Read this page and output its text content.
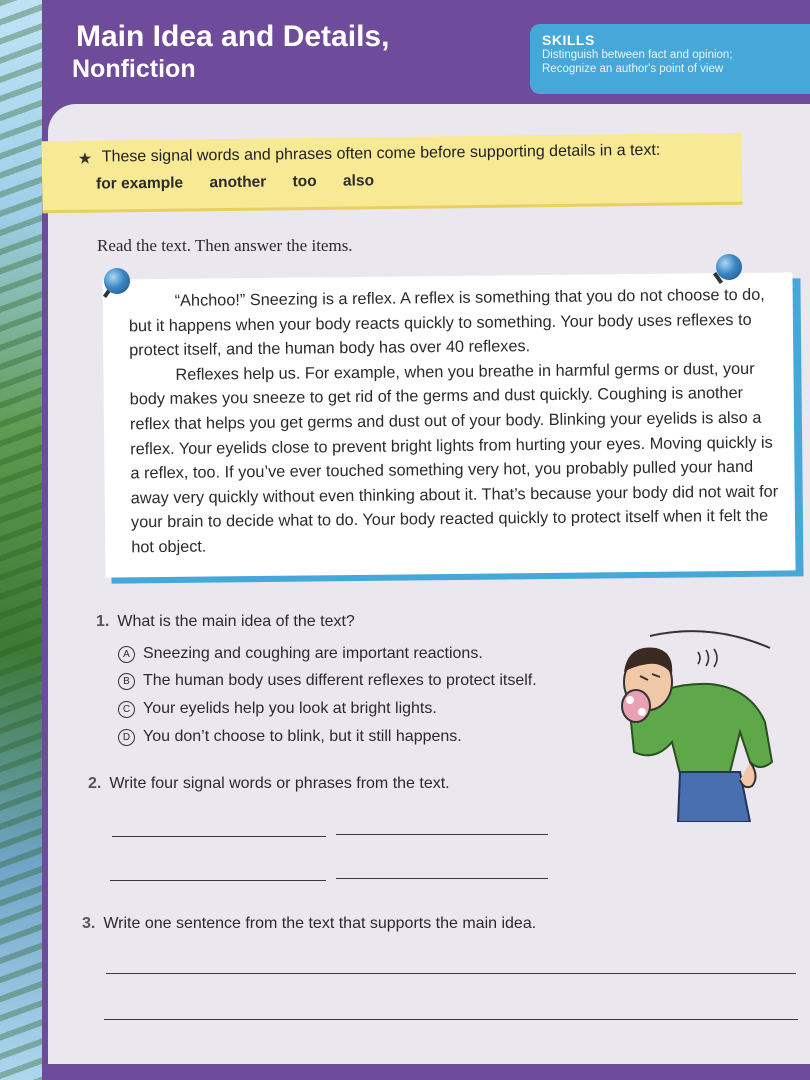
Main Idea and Details,
Nonfiction
SKILLS
Distinguish between fact and opinion;
Recognize an author's point of view
★ These signal words and phrases often come before supporting details in a text:
for example another too also

Read the text. Then answer the items.

“Ahchoo!” Sneezing is a reflex. A reflex is something that you do not choose to do, but it happens when your body reacts quickly to something. Your body uses reflexes to protect itself, and the human body has over 40 reflexes.

Reflexes help us. For example, when you breathe in harmful germs or dust, your body makes you sneeze to get rid of the germs and dust quickly. Coughing is another reflex that helps you get germs and dust out of your body. Blinking your eyelids is also a reflex. Your eyelids close to prevent bright lights from hurting your eyes. Moving quickly is a reflex, too. If you’ve ever touched something very hot, you probably pulled your hand away very quickly without even thinking about it. That’s because your body did not wait for your brain to decide what to do. Your body reacted quickly to protect itself when it felt the hot object.

1. What is the main idea of the text?
A Sneezing and coughing are important reactions.
B The human body uses different reflexes to protect itself.
C Your eyelids help you look at bright lights.
D You don’t choose to blink, but it still happens.
2. Write four signal words or phrases from the text.
3. Write one sentence from the text that supports the main idea.
